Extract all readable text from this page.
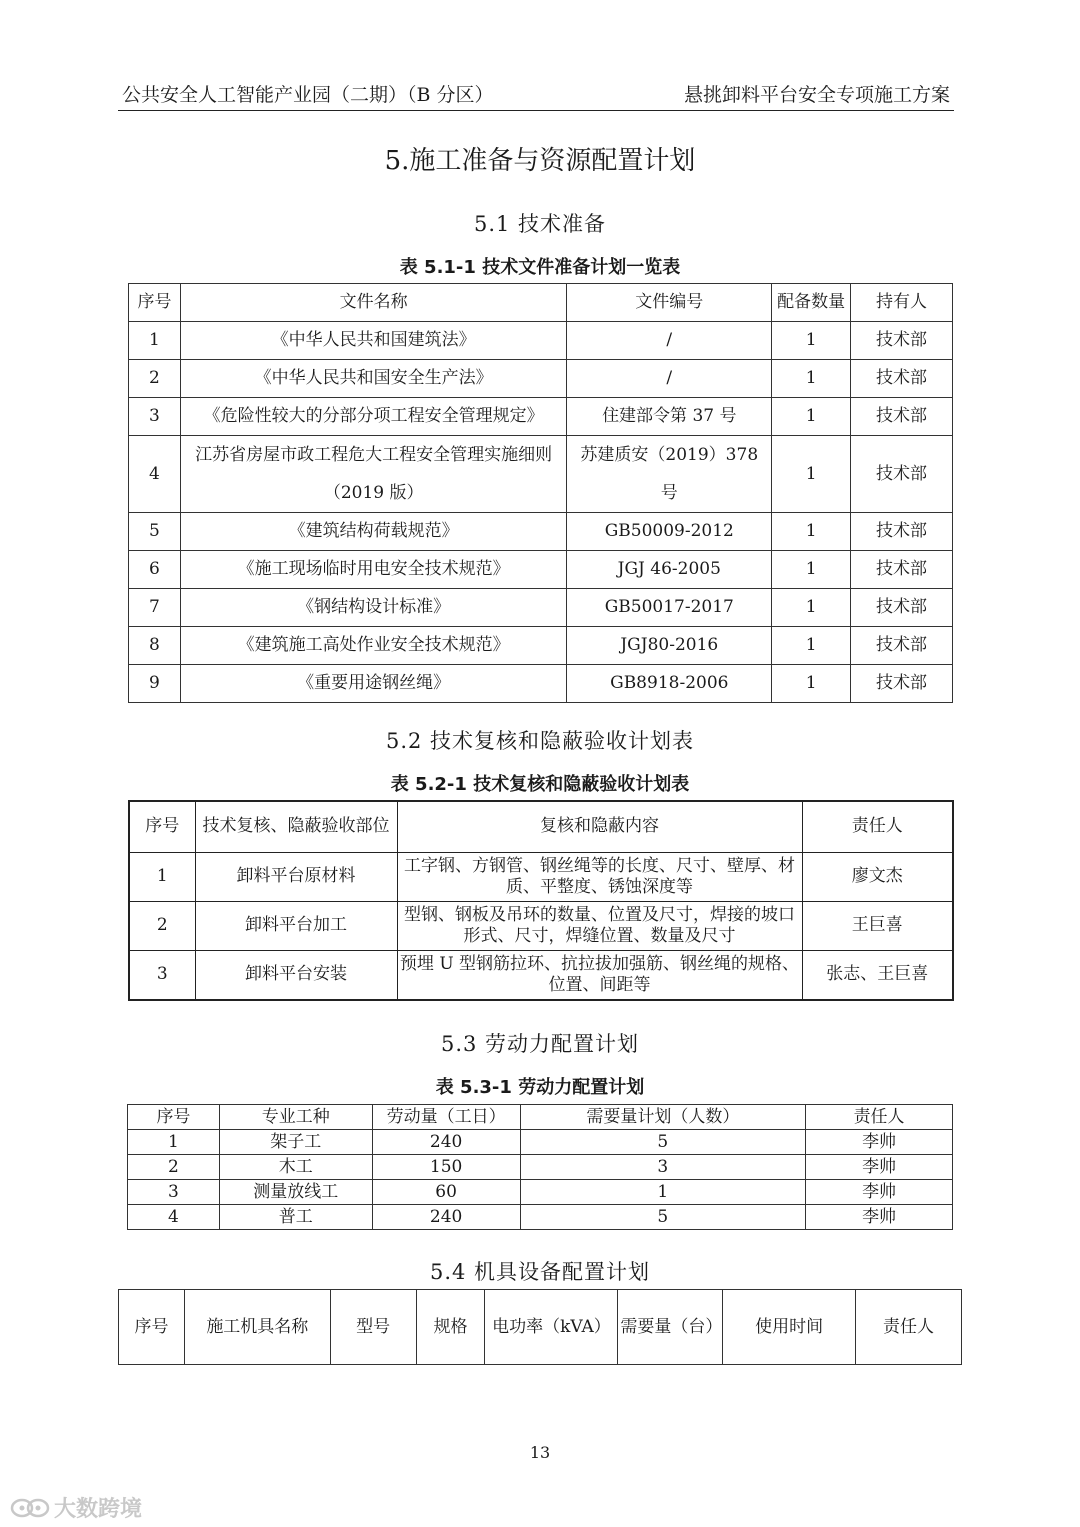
公共安全人工智能产业园（二期）（B 分区）	悬挑卸料平台安全专项施工方案
5.施工准备与资源配置计划
5.1 技术准备
表 5.1-1 技术文件准备计划一览表
序号	文件名称	文件编号	配备数量	持有人
1	《中华人民共和国建筑法》	/	1	技术部
2	《中华人民共和国安全生产法》	/	1	技术部
3	《危险性较大的分部分项工程安全管理规定》	住建部令第 37 号	1	技术部
4	江苏省房屋市政工程危大工程安全管理实施细则（2019 版）	苏建质安（2019）378 号	1	技术部
5	《建筑结构荷载规范》	GB50009-2012	1	技术部
6	《施工现场临时用电安全技术规范》	JGJ 46-2005	1	技术部
7	《钢结构设计标准》	GB50017-2017	1	技术部
8	《建筑施工高处作业安全技术规范》	JGJ80-2016	1	技术部
9	《重要用途钢丝绳》	GB8918-2006	1	技术部
5.2 技术复核和隐蔽验收计划表
表 5.2-1 技术复核和隐蔽验收计划表
序号	技术复核、隐蔽验收部位	复核和隐蔽内容	责任人
1	卸料平台原材料	工字钢、方钢管、钢丝绳等的长度、尺寸、壁厚、材质、平整度、锈蚀深度等	廖文杰
2	卸料平台加工	型钢、钢板及吊环的数量、位置及尺寸，焊接的坡口形式、尺寸，焊缝位置、数量及尺寸	王巨喜
3	卸料平台安装	预埋 U 型钢筋拉环、抗拉拔加强筋、钢丝绳的规格、位置、间距等	张志、王巨喜
5.3 劳动力配置计划
表 5.3-1 劳动力配置计划
序号	专业工种	劳动量（工日）	需要量计划（人数）	责任人
1	架子工	240	5	李帅
2	木工	150	3	李帅
3	测量放线工	60	1	李帅
4	普工	240	5	李帅
5.4 机具设备配置计划
序号	施工机具名称	型号	规格	电功率（kVA）	需要量（台）	使用时间	责任人
13
大数跨境
